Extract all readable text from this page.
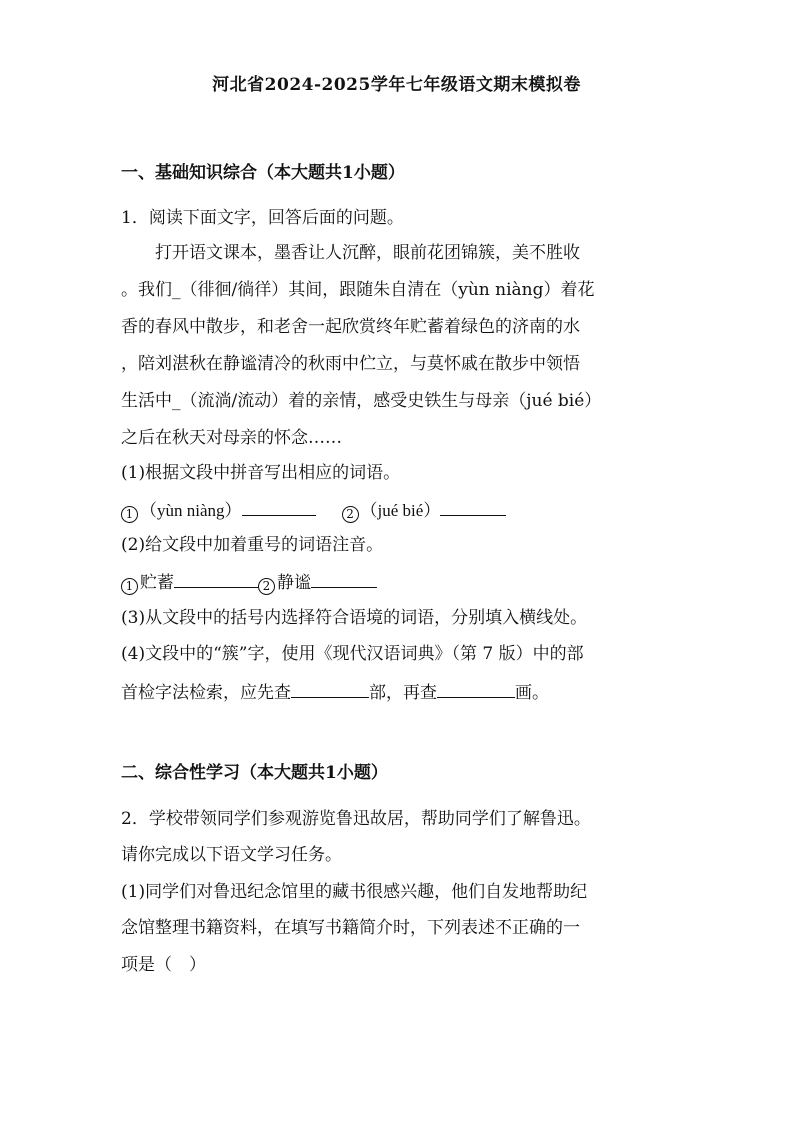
河北省2024-2025学年七年级语文期末模拟卷
一、基础知识综合（本大题共1小题）
1．阅读下面文字，回答后面的问题。
打开语文课本，墨香让人沉醉，眼前花团锦簇，美不胜收
。我们_（徘徊/徜徉）其间，跟随朱自清在（yùn niàng）着花
香的春风中散步，和老舍一起欣赏终年贮蓄着绿色的济南的水
，陪刘湛秋在静谧清冷的秋雨中伫立，与莫怀戚在散步中领悟
生活中_（流淌/流动）着的亲情，感受史铁生与母亲（jué bié）
之后在秋天对母亲的怀念……
(1)根据文段中拼音写出相应的词语。
1 （yùn niàng）	2 （jué bié）
(2)给文段中加着重号的词语注音。
1 贮蓄	2 静谧
(3)从文段中的括号内选择符合语境的词语，分别填入横线处。
(4)文段中的“簇”字，使用《现代汉语词典》（第 7 版）中的部
首检字法检索，应先查	部，再查	画。
二、综合性学习（本大题共1小题）
2．学校带领同学们参观游览鲁迅故居，帮助同学们了解鲁迅。
请你完成以下语文学习任务。
(1)同学们对鲁迅纪念馆里的藏书很感兴趣，他们自发地帮助纪
念馆整理书籍资料，在填写书籍简介时，下列表述不正确的一
项是（　）
